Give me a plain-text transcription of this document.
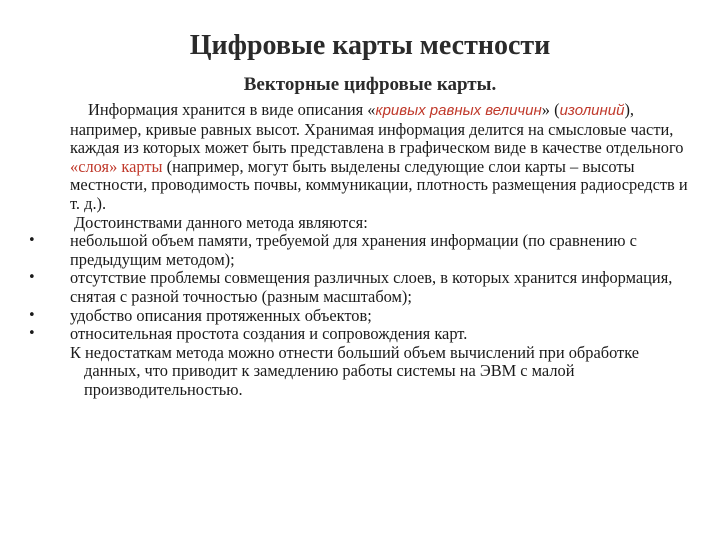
Цифровые карты местности
Векторные цифровые карты.

Информация хранится в виде описания «кривых равных величин» (изолиний), например, кривые равных высот. Хранимая информация делится на смысловые части, каждая из которых может быть представлена в графическом виде в качестве отдельного «слоя» карты (например, могут быть выделены следующие слои карты – высоты местности, проводимость почвы, коммуникации, плотность размещения радиосредств и т. д.).

Достоинствами данного метода являются:

• небольшой объем памяти, требуемой для хранения информации (по сравнению с предыдущим методом);
• отсутствие проблемы совмещения различных слоев, в которых хранится информация, снятая с разной точностью (разным масштабом);
• удобство описания протяженных объектов;
• относительная простота создания и сопровождения карт.

К недостаткам метода можно отнести больший объем вычислений при обработке данных, что приводит к замедлению работы системы на ЭВМ с малой производительностью.
